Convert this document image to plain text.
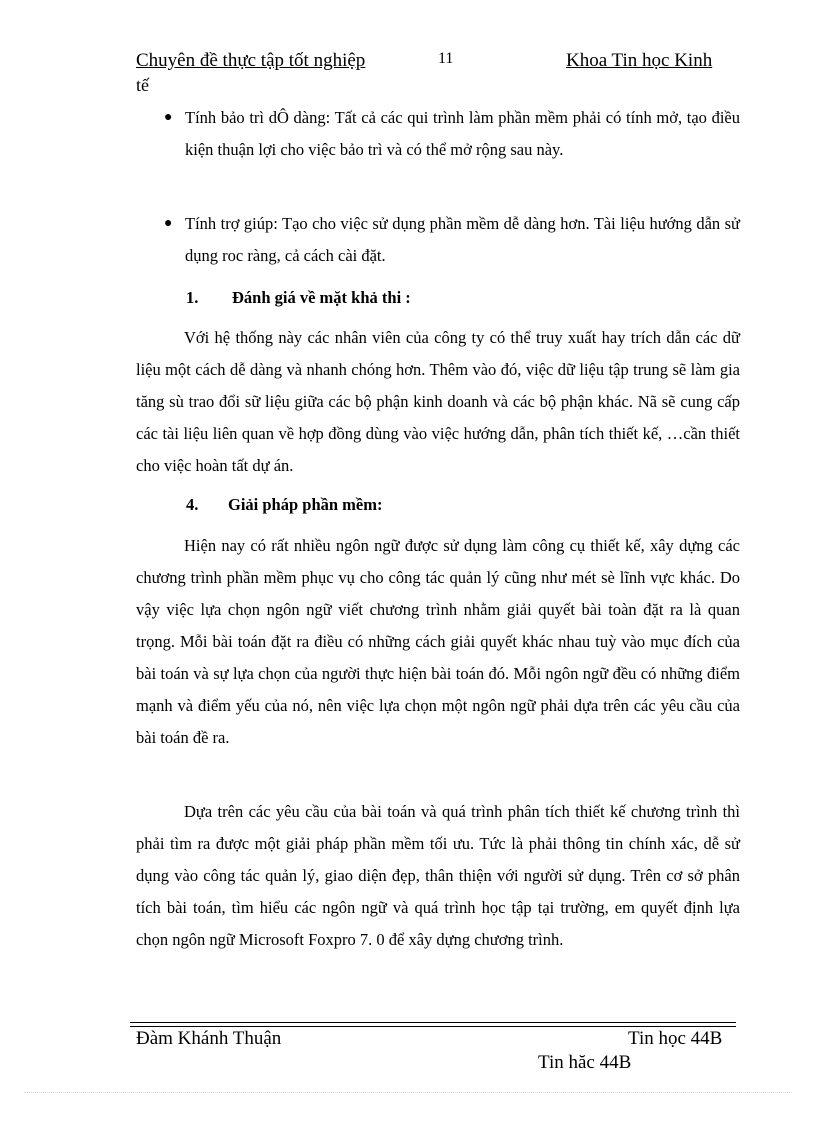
Chuyên đề thực tập tốt nghiệp	11	Khoa Tin học Kinh
tế
● Tính bảo trì dÔ dàng: Tất cả các qui trình làm phần mềm phải có tính mở, tạo điều kiện thuận lợi cho việc bảo trì và có thể mở rộng sau này.
● Tính trợ giúp: Tạo cho việc sử dụng phần mềm dễ dàng hơn. Tài liệu hướng dẫn sử dụng roc ràng, cả cách cài đặt.
1. Đánh giá về mặt khả thi :
Với hệ thống này các nhân viên của công ty có thể truy xuất hay trích dẫn các dữ liệu một cách dễ dàng và nhanh chóng hơn. Thêm vào đó, việc dữ liệu tập trung sẽ làm gia tăng sù trao đổi sữ liệu giữa các bộ phận kinh doanh và các bộ phận khác. Nã sẽ cung cấp các tài liệu liên quan về hợp đồng dùng vào việc hướng dẫn, phân tích thiết kế, …cần thiết cho việc hoàn tất dự án.
4. Giải pháp phần mềm:
Hiện nay có rất nhiều ngôn ngữ được sử dụng làm công cụ thiết kế, xây dựng các chương trình phần mềm phục vụ cho công tác quản lý cũng như mét sè lĩnh vực khác. Do vậy việc lựa chọn ngôn ngữ viết chương trình nhằm giải quyết bài toàn đặt ra là quan trọng. Mỗi bài toán đặt ra điều có những cách giải quyết khác nhau tuỳ vào mục đích của bài toán và sự lựa chọn của người thực hiện bài toán đó. Mỗi ngôn ngữ đều có những điểm mạnh và điểm yếu của nó, nên việc lựa chọn một ngôn ngữ phải dựa trên các yêu cầu của bài toán đề ra.
Dựa trên các yêu cầu của bài toán và quá trình phân tích thiết kế chương trình thì phải tìm ra được một giải pháp phần mềm tối ưu. Tức là phải thông tin chính xác, dễ sử dụng vào công tác quản lý, giao diện đẹp, thân thiện với người sử dụng. Trên cơ sở phân tích bài toán, tìm hiểu các ngôn ngữ và quá trình học tập tại trường, em quyết định lựa chọn ngôn ngữ Microsoft Foxpro 7. 0 để xây dựng chương trình.
Đàm Khánh Thuận	Tin học 44B
Tin hăc 44B
